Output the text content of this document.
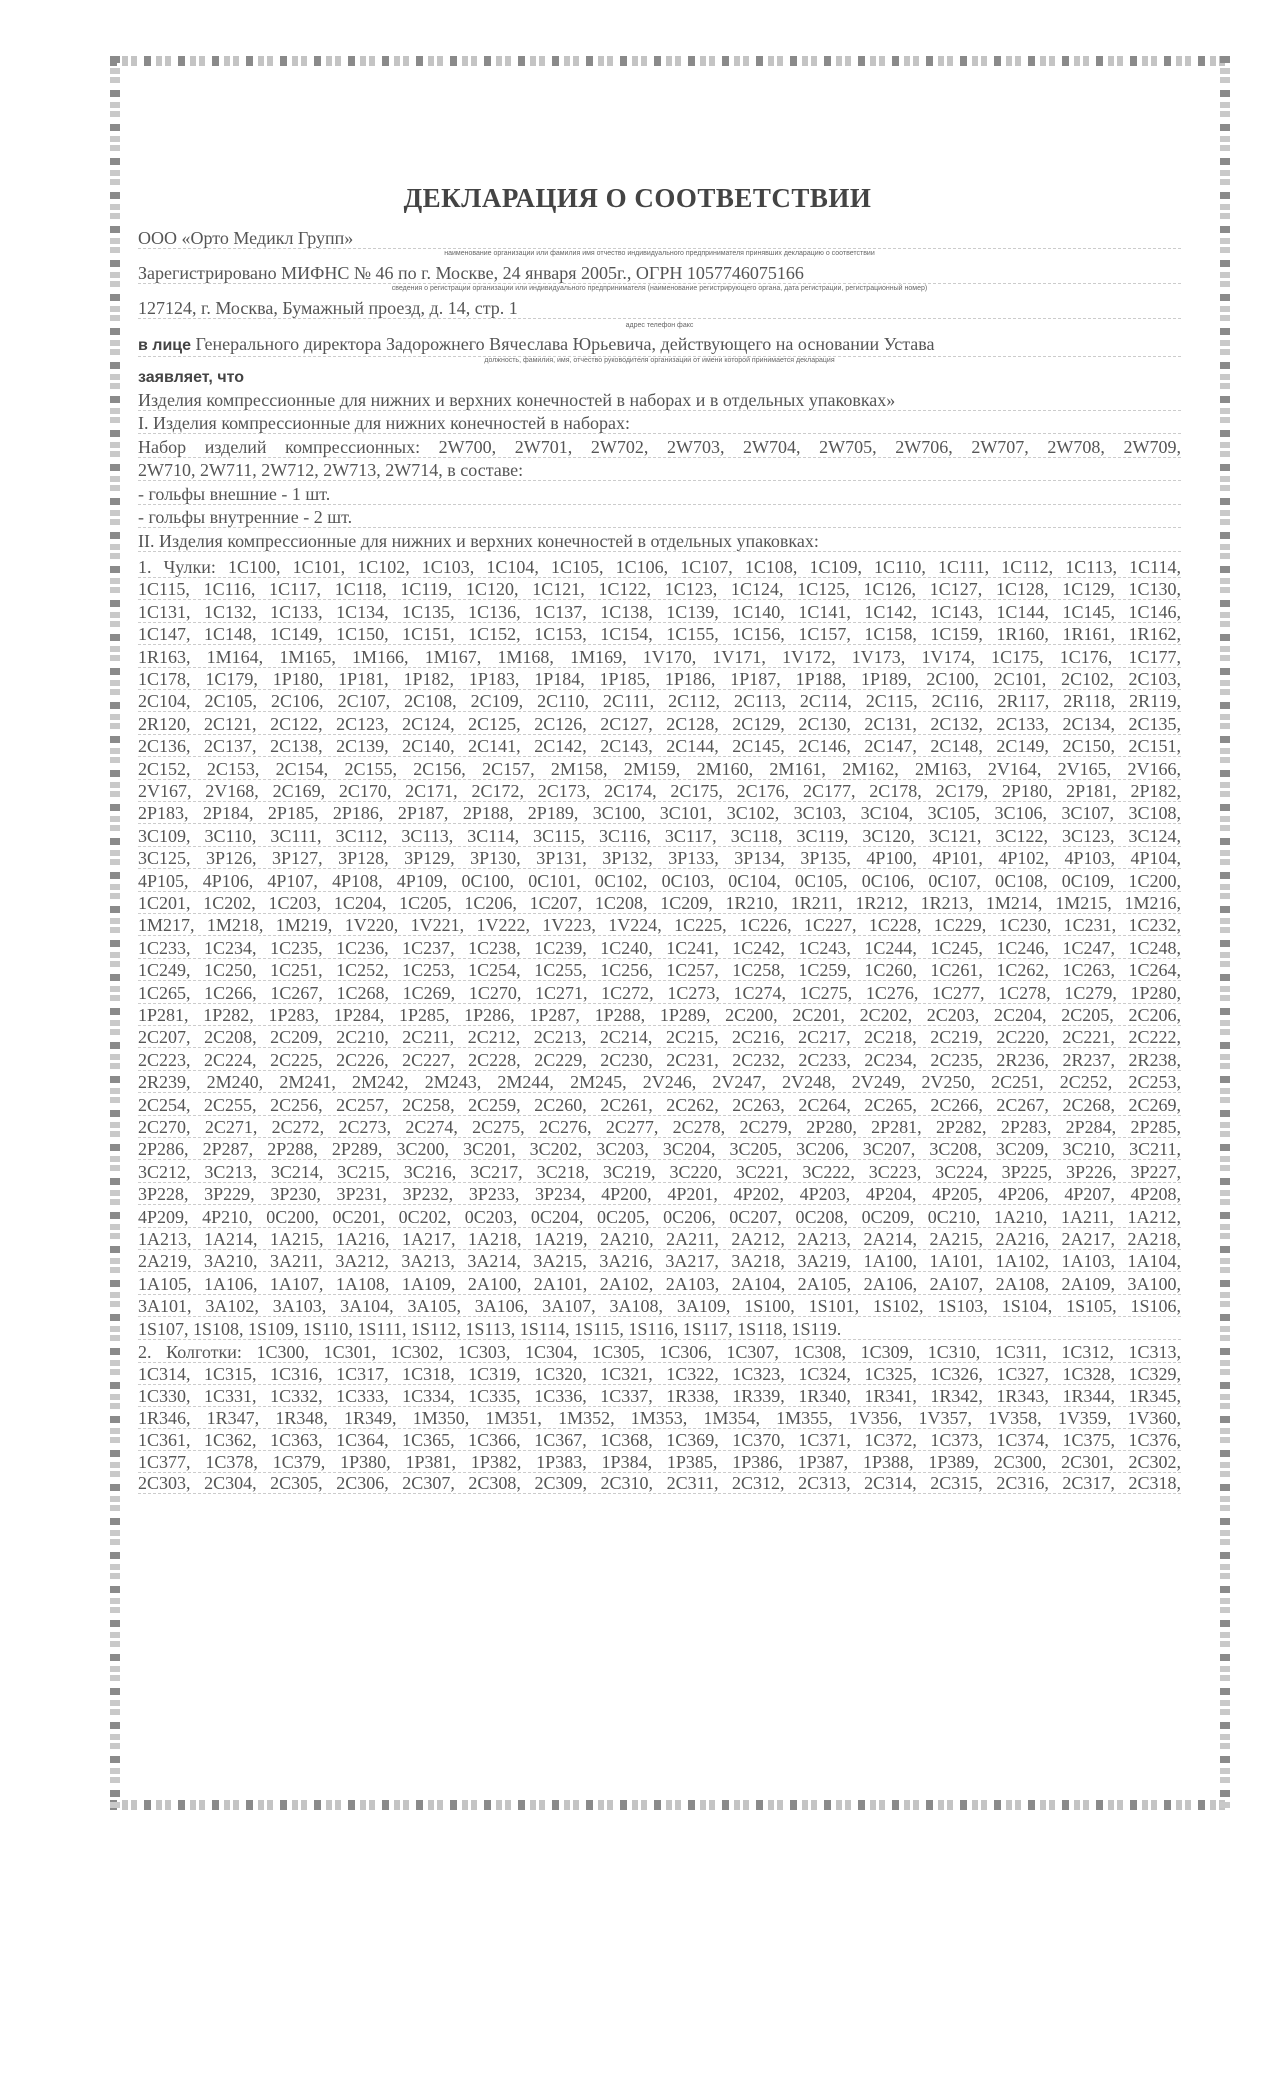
ДЕКЛАРАЦИЯ О СООТВЕТСТВИИ
ООО «Орто Медикл Групп»
наименование организации или фамилия имя отчество индивидуального предпринимателя принявших декларацию о соответствии
Зарегистрировано МИФНС № 46 по г. Москве, 24 января 2005г., ОГРН 1057746075166
сведения о регистрации организации или индивидуального предпринимателя (наименование регистрирующего органа, дата регистрации, регистрационный номер)
127124, г. Москва, Бумажный проезд, д. 14, стр. 1
адрес телефон факс
в лице Генерального директора Задорожнего Вячеслава Юрьевича, действующего на основании Устава
должность, фамилия, имя, отчество руководителя организации от имени которой принимается декларация
заявляет, что
Изделия компрессионные для нижних и верхних конечностей в наборах и в отдельных упаковках»
I. Изделия компрессионные для нижних конечностей в наборах:
Набор изделий компрессионных: 2W700, 2W701, 2W702, 2W703, 2W704, 2W705, 2W706, 2W707, 2W708, 2W709,
2W710, 2W711, 2W712, 2W713, 2W714, в составе:
- гольфы внешние - 1 шт.
- гольфы внутренние - 2 шт.
II. Изделия компрессионные для нижних и верхних конечностей в отдельных упаковках:
1. Чулки: 1C100, 1C101, 1C102, 1C103, 1C104, 1C105, 1C106, 1C107, 1C108, 1C109, 1C110, 1C111, 1C112, 1C113, 1C114,
1C115, 1C116, 1C117, 1C118, 1C119, 1C120, 1C121, 1C122, 1C123, 1C124, 1C125, 1C126, 1C127, 1C128, 1C129, 1C130,
1C131, 1C132, 1C133, 1C134, 1C135, 1C136, 1C137, 1C138, 1C139, 1C140, 1C141, 1C142, 1C143, 1C144, 1C145, 1C146,
1C147, 1C148, 1C149, 1C150, 1C151, 1C152, 1C153, 1C154, 1C155, 1C156, 1C157, 1C158, 1C159, 1R160, 1R161, 1R162,
1R163, 1M164, 1M165, 1M166, 1M167, 1M168, 1M169, 1V170, 1V171, 1V172, 1V173, 1V174, 1C175, 1C176, 1C177,
1C178, 1C179, 1P180, 1P181, 1P182, 1P183, 1P184, 1P185, 1P186, 1P187, 1P188, 1P189, 2C100, 2C101, 2C102, 2C103,
2C104, 2C105, 2C106, 2C107, 2C108, 2C109, 2C110, 2C111, 2C112, 2C113, 2C114, 2C115, 2C116, 2R117, 2R118, 2R119,
2R120, 2C121, 2C122, 2C123, 2C124, 2C125, 2C126, 2C127, 2C128, 2C129, 2C130, 2C131, 2C132, 2C133, 2C134, 2C135,
2C136, 2C137, 2C138, 2C139, 2C140, 2C141, 2C142, 2C143, 2C144, 2C145, 2C146, 2C147, 2C148, 2C149, 2C150, 2C151,
2C152, 2C153, 2C154, 2C155, 2C156, 2C157, 2M158, 2M159, 2M160, 2M161, 2M162, 2M163, 2V164, 2V165, 2V166,
2V167, 2V168, 2C169, 2C170, 2C171, 2C172, 2C173, 2C174, 2C175, 2C176, 2C177, 2C178, 2C179, 2P180, 2P181, 2P182,
2P183, 2P184, 2P185, 2P186, 2P187, 2P188, 2P189, 3C100, 3C101, 3C102, 3C103, 3C104, 3C105, 3C106, 3C107, 3C108,
3C109, 3C110, 3C111, 3C112, 3C113, 3C114, 3C115, 3C116, 3C117, 3C118, 3C119, 3C120, 3C121, 3C122, 3C123, 3C124,
3C125, 3P126, 3P127, 3P128, 3P129, 3P130, 3P131, 3P132, 3P133, 3P134, 3P135, 4P100, 4P101, 4P102, 4P103, 4P104,
4P105, 4P106, 4P107, 4P108, 4P109, 0C100, 0C101, 0C102, 0C103, 0C104, 0C105, 0C106, 0C107, 0C108, 0C109, 1C200,
1C201, 1C202, 1C203, 1C204, 1C205, 1C206, 1C207, 1C208, 1C209, 1R210, 1R211, 1R212, 1R213, 1M214, 1M215, 1M216,
1M217, 1M218, 1M219, 1V220, 1V221, 1V222, 1V223, 1V224, 1C225, 1C226, 1C227, 1C228, 1C229, 1C230, 1C231, 1C232,
1C233, 1C234, 1C235, 1C236, 1C237, 1C238, 1C239, 1C240, 1C241, 1C242, 1C243, 1C244, 1C245, 1C246, 1C247, 1C248,
1C249, 1C250, 1C251, 1C252, 1C253, 1C254, 1C255, 1C256, 1C257, 1C258, 1C259, 1C260, 1C261, 1C262, 1C263, 1C264,
1C265, 1C266, 1C267, 1C268, 1C269, 1C270, 1C271, 1C272, 1C273, 1C274, 1C275, 1C276, 1C277, 1C278, 1C279, 1P280,
1P281, 1P282, 1P283, 1P284, 1P285, 1P286, 1P287, 1P288, 1P289, 2C200, 2C201, 2C202, 2C203, 2C204, 2C205, 2C206,
2C207, 2C208, 2C209, 2C210, 2C211, 2C212, 2C213, 2C214, 2C215, 2C216, 2C217, 2C218, 2C219, 2C220, 2C221, 2C222,
2C223, 2C224, 2C225, 2C226, 2C227, 2C228, 2C229, 2C230, 2C231, 2C232, 2C233, 2C234, 2C235, 2R236, 2R237, 2R238,
2R239, 2M240, 2M241, 2M242, 2M243, 2M244, 2M245, 2V246, 2V247, 2V248, 2V249, 2V250, 2C251, 2C252, 2C253,
2C254, 2C255, 2C256, 2C257, 2C258, 2C259, 2C260, 2C261, 2C262, 2C263, 2C264, 2C265, 2C266, 2C267, 2C268, 2C269,
2C270, 2C271, 2C272, 2C273, 2C274, 2C275, 2C276, 2C277, 2C278, 2C279, 2P280, 2P281, 2P282, 2P283, 2P284, 2P285,
2P286, 2P287, 2P288, 2P289, 3C200, 3C201, 3C202, 3C203, 3C204, 3C205, 3C206, 3C207, 3C208, 3C209, 3C210, 3C211,
3C212, 3C213, 3C214, 3C215, 3C216, 3C217, 3C218, 3C219, 3C220, 3C221, 3C222, 3C223, 3C224, 3P225, 3P226, 3P227,
3P228, 3P229, 3P230, 3P231, 3P232, 3P233, 3P234, 4P200, 4P201, 4P202, 4P203, 4P204, 4P205, 4P206, 4P207, 4P208,
4P209, 4P210, 0C200, 0C201, 0C202, 0C203, 0C204, 0C205, 0C206, 0C207, 0C208, 0C209, 0C210, 1A210, 1A211, 1A212,
1A213, 1A214, 1A215, 1A216, 1A217, 1A218, 1A219, 2A210, 2A211, 2A212, 2A213, 2A214, 2A215, 2A216, 2A217, 2A218,
2A219, 3A210, 3A211, 3A212, 3A213, 3A214, 3A215, 3A216, 3A217, 3A218, 3A219, 1A100, 1A101, 1A102, 1A103, 1A104,
1A105, 1A106, 1A107, 1A108, 1A109, 2A100, 2A101, 2A102, 2A103, 2A104, 2A105, 2A106, 2A107, 2A108, 2A109, 3A100,
3A101, 3A102, 3A103, 3A104, 3A105, 3A106, 3A107, 3A108, 3A109, 1S100, 1S101, 1S102, 1S103, 1S104, 1S105, 1S106,
1S107, 1S108, 1S109, 1S110, 1S111, 1S112, 1S113, 1S114, 1S115, 1S116, 1S117, 1S118, 1S119.
2. Колготки: 1C300, 1C301, 1C302, 1C303, 1C304, 1C305, 1C306, 1C307, 1C308, 1C309, 1C310, 1C311, 1C312, 1C313,
1C314, 1C315, 1C316, 1C317, 1C318, 1C319, 1C320, 1C321, 1C322, 1C323, 1C324, 1C325, 1C326, 1C327, 1C328, 1C329,
1C330, 1C331, 1C332, 1C333, 1C334, 1C335, 1C336, 1C337, 1R338, 1R339, 1R340, 1R341, 1R342, 1R343, 1R344, 1R345,
1R346, 1R347, 1R348, 1R349, 1M350, 1M351, 1M352, 1M353, 1M354, 1M355, 1V356, 1V357, 1V358, 1V359, 1V360,
1C361, 1C362, 1C363, 1C364, 1C365, 1C366, 1C367, 1C368, 1C369, 1C370, 1C371, 1C372, 1C373, 1C374, 1C375, 1C376,
1C377, 1C378, 1C379, 1P380, 1P381, 1P382, 1P383, 1P384, 1P385, 1P386, 1P387, 1P388, 1P389, 2C300, 2C301, 2C302,
2C303, 2C304, 2C305, 2C306, 2C307, 2C308, 2C309, 2C310, 2C311, 2C312, 2C313, 2C314, 2C315, 2C316, 2C317, 2C318,
